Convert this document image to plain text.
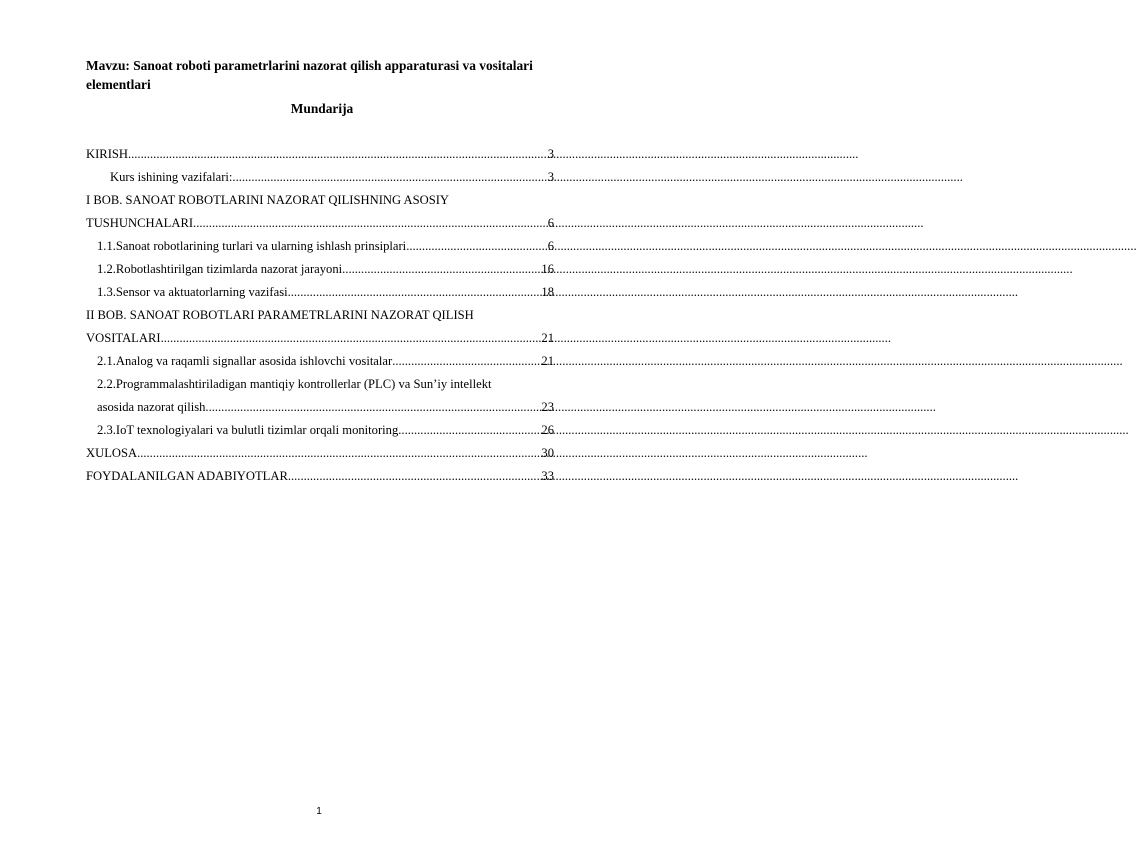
Mavzu: Sanoat roboti parametrlarini nazorat qilish apparaturasi va vositalari elementlari
Mundarija
KIRISH .....	3
Kurs ishining vazifalari: .....	3
I BOB. SANOAT ROBOTLARINI NAZORAT QILISHNING ASOSIY
TUSHUNCHALARI .....	6
1.1.Sanoat robotlarining turlari va ularning ishlash prinsiplari .....	6
1.2.Robotlashtirilgan tizimlarda nazorat jarayoni .....	16
1.3.Sensor va aktuatorlarning vazifasi .....	18
II BOB. SANOAT ROBOTLARI PARAMETRLARINI NAZORAT QILISH
VOSITALARI .....	21
2.1.Analog va raqamli signallar asosida ishlovchi vositalar .....	21
2.2.Programmalashtiriladigan mantiqiy kontrollerlar (PLC) va Sun’iy intellekt
asosida nazorat qilish .....	23
2.3.IoT texnologiyalari va bulutli tizimlar orqali monitoring .....	26
XULOSA .....	30
FOYDALANILGAN ADABIYOTLAR .....	33
1
